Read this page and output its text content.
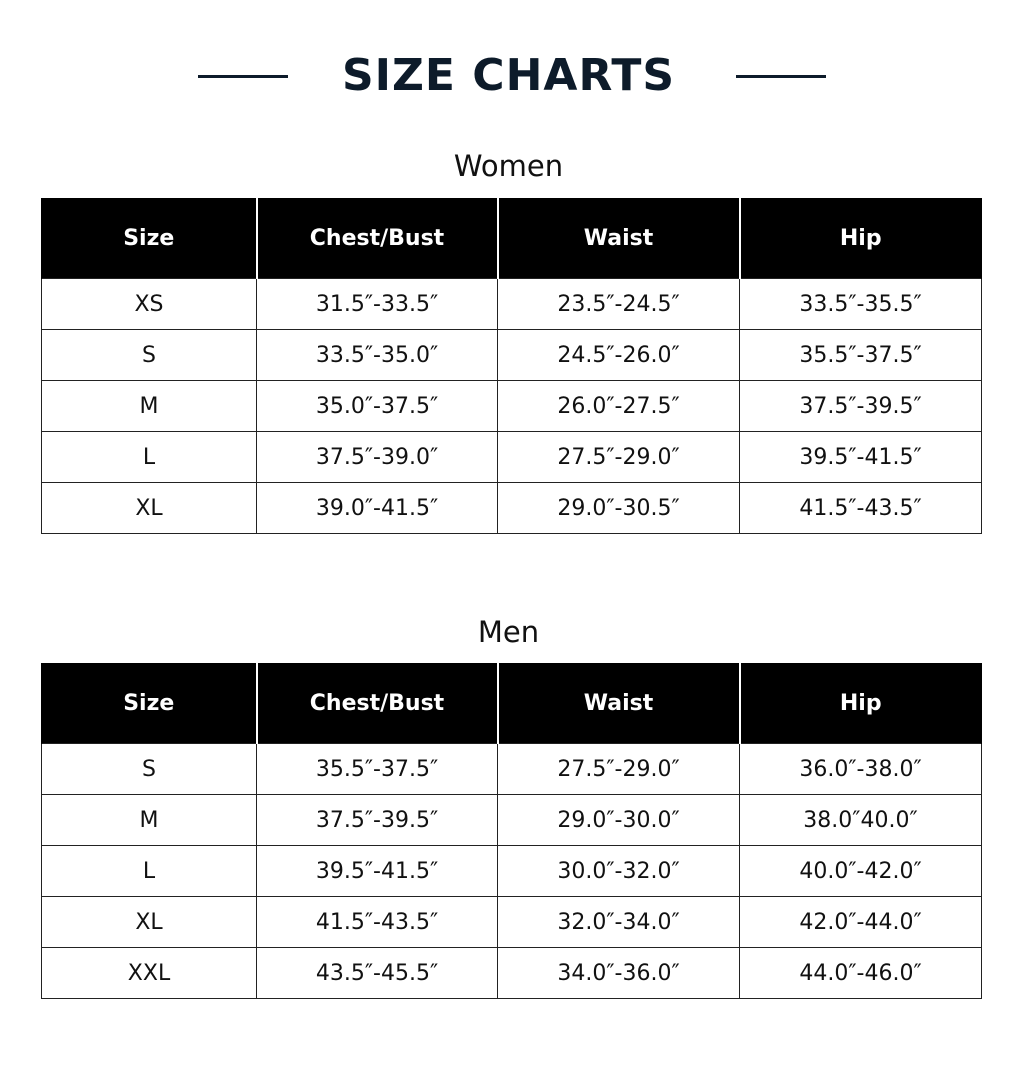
SIZE CHARTS
Women
Size	Chest/Bust	Waist	Hip
XS	31.5″-33.5″	23.5″-24.5″	33.5″-35.5″
S	33.5″-35.0″	24.5″-26.0″	35.5″-37.5″
M	35.0″-37.5″	26.0″-27.5″	37.5″-39.5″
L	37.5″-39.0″	27.5″-29.0″	39.5″-41.5″
XL	39.0″-41.5″	29.0″-30.5″	41.5″-43.5″
Men
Size	Chest/Bust	Waist	Hip
S	35.5″-37.5″	27.5″-29.0″	36.0″-38.0″
M	37.5″-39.5″	29.0″-30.0″	38.0″40.0″
L	39.5″-41.5″	30.0″-32.0″	40.0″-42.0″
XL	41.5″-43.5″	32.0″-34.0″	42.0″-44.0″
XXL	43.5″-45.5″	34.0″-36.0″	44.0″-46.0″
